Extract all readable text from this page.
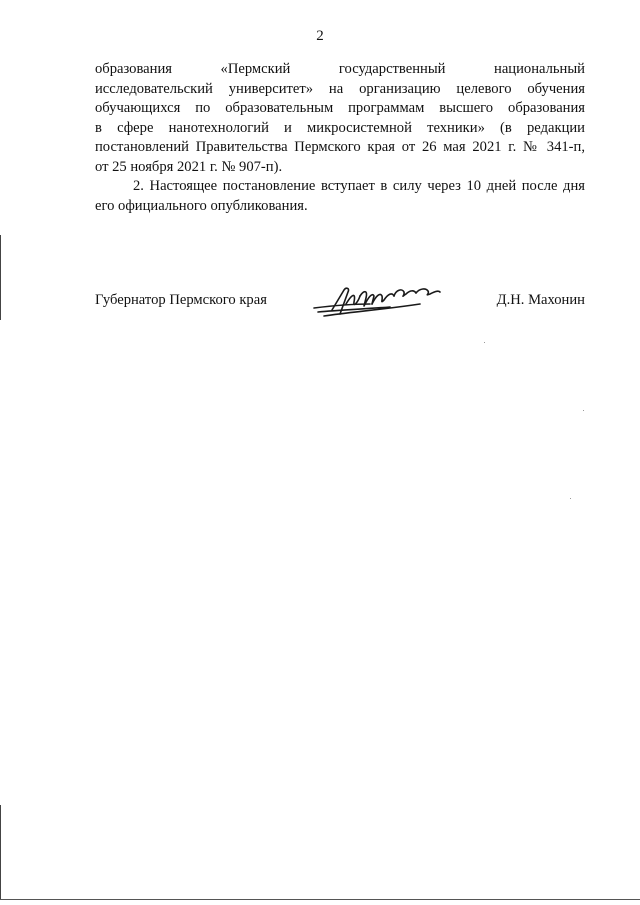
2

образования «Пермский государственный национальный
исследовательский университет» на организацию целевого обучения
обучающихся по образовательным программам высшего образования
в сфере нанотехнологий и микросистемной техники» (в редакции
постановлений Правительства Пермского края от 26 мая 2021 г. № 341-п,
от 25 ноября 2021 г. № 907-п).

2. Настоящее постановление вступает в силу через 10 дней после дня
его официального опубликования.

Губернатор Пермского края	Д.Н. Махонин
